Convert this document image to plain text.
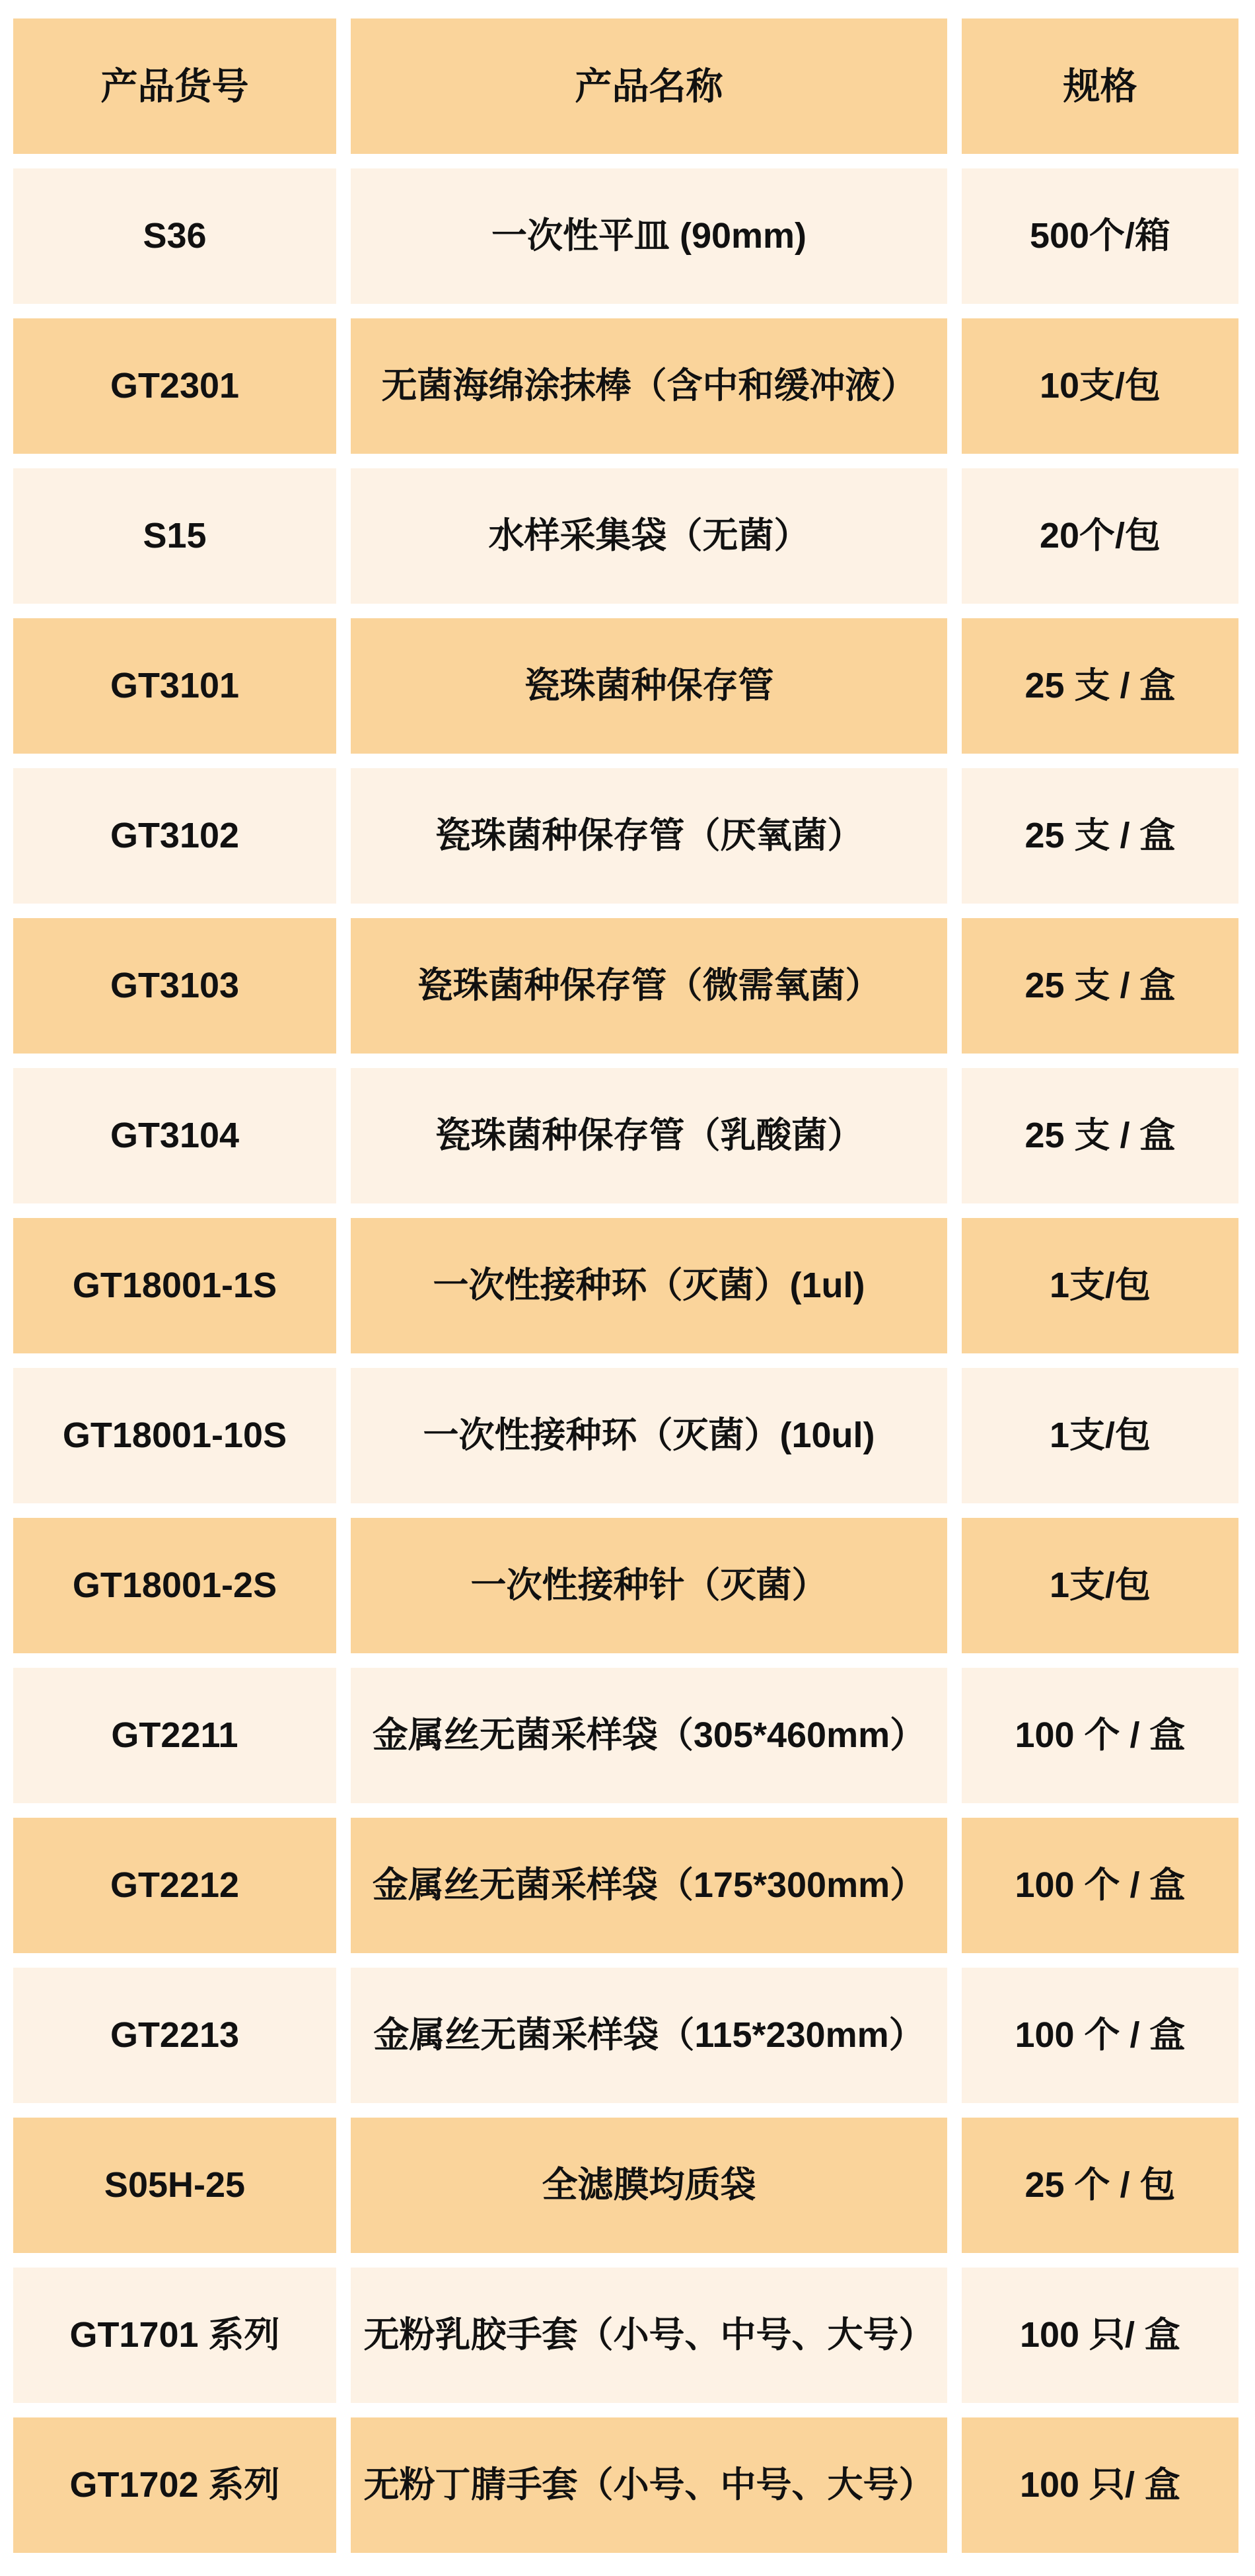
产品货号	产品名称	规格
S36	一次性平皿 (90mm)	500个/箱
GT2301	无菌海绵涂抹棒（含中和缓冲液）	10支/包
S15	水样采集袋（无菌）	20个/包
GT3101	瓷珠菌种保存管	25 支 / 盒
GT3102	瓷珠菌种保存管（厌氧菌）	25 支 / 盒
GT3103	瓷珠菌种保存管（微需氧菌）	25 支 / 盒
GT3104	瓷珠菌种保存管（乳酸菌）	25 支 / 盒
GT18001-1S	一次性接种环（灭菌）(1ul)	1支/包
GT18001-10S	一次性接种环（灭菌）(10ul)	1支/包
GT18001-2S	一次性接种针（灭菌）	1支/包
GT2211	金属丝无菌采样袋（305*460mm）	100 个 / 盒
GT2212	金属丝无菌采样袋（175*300mm）	100 个 / 盒
GT2213	金属丝无菌采样袋（115*230mm）	100 个 / 盒
S05H-25	全滤膜均质袋	25 个 / 包
GT1701 系列	无粉乳胶手套（小号、中号、大号）	100 只/ 盒
GT1702 系列	无粉丁腈手套（小号、中号、大号）	100 只/ 盒
